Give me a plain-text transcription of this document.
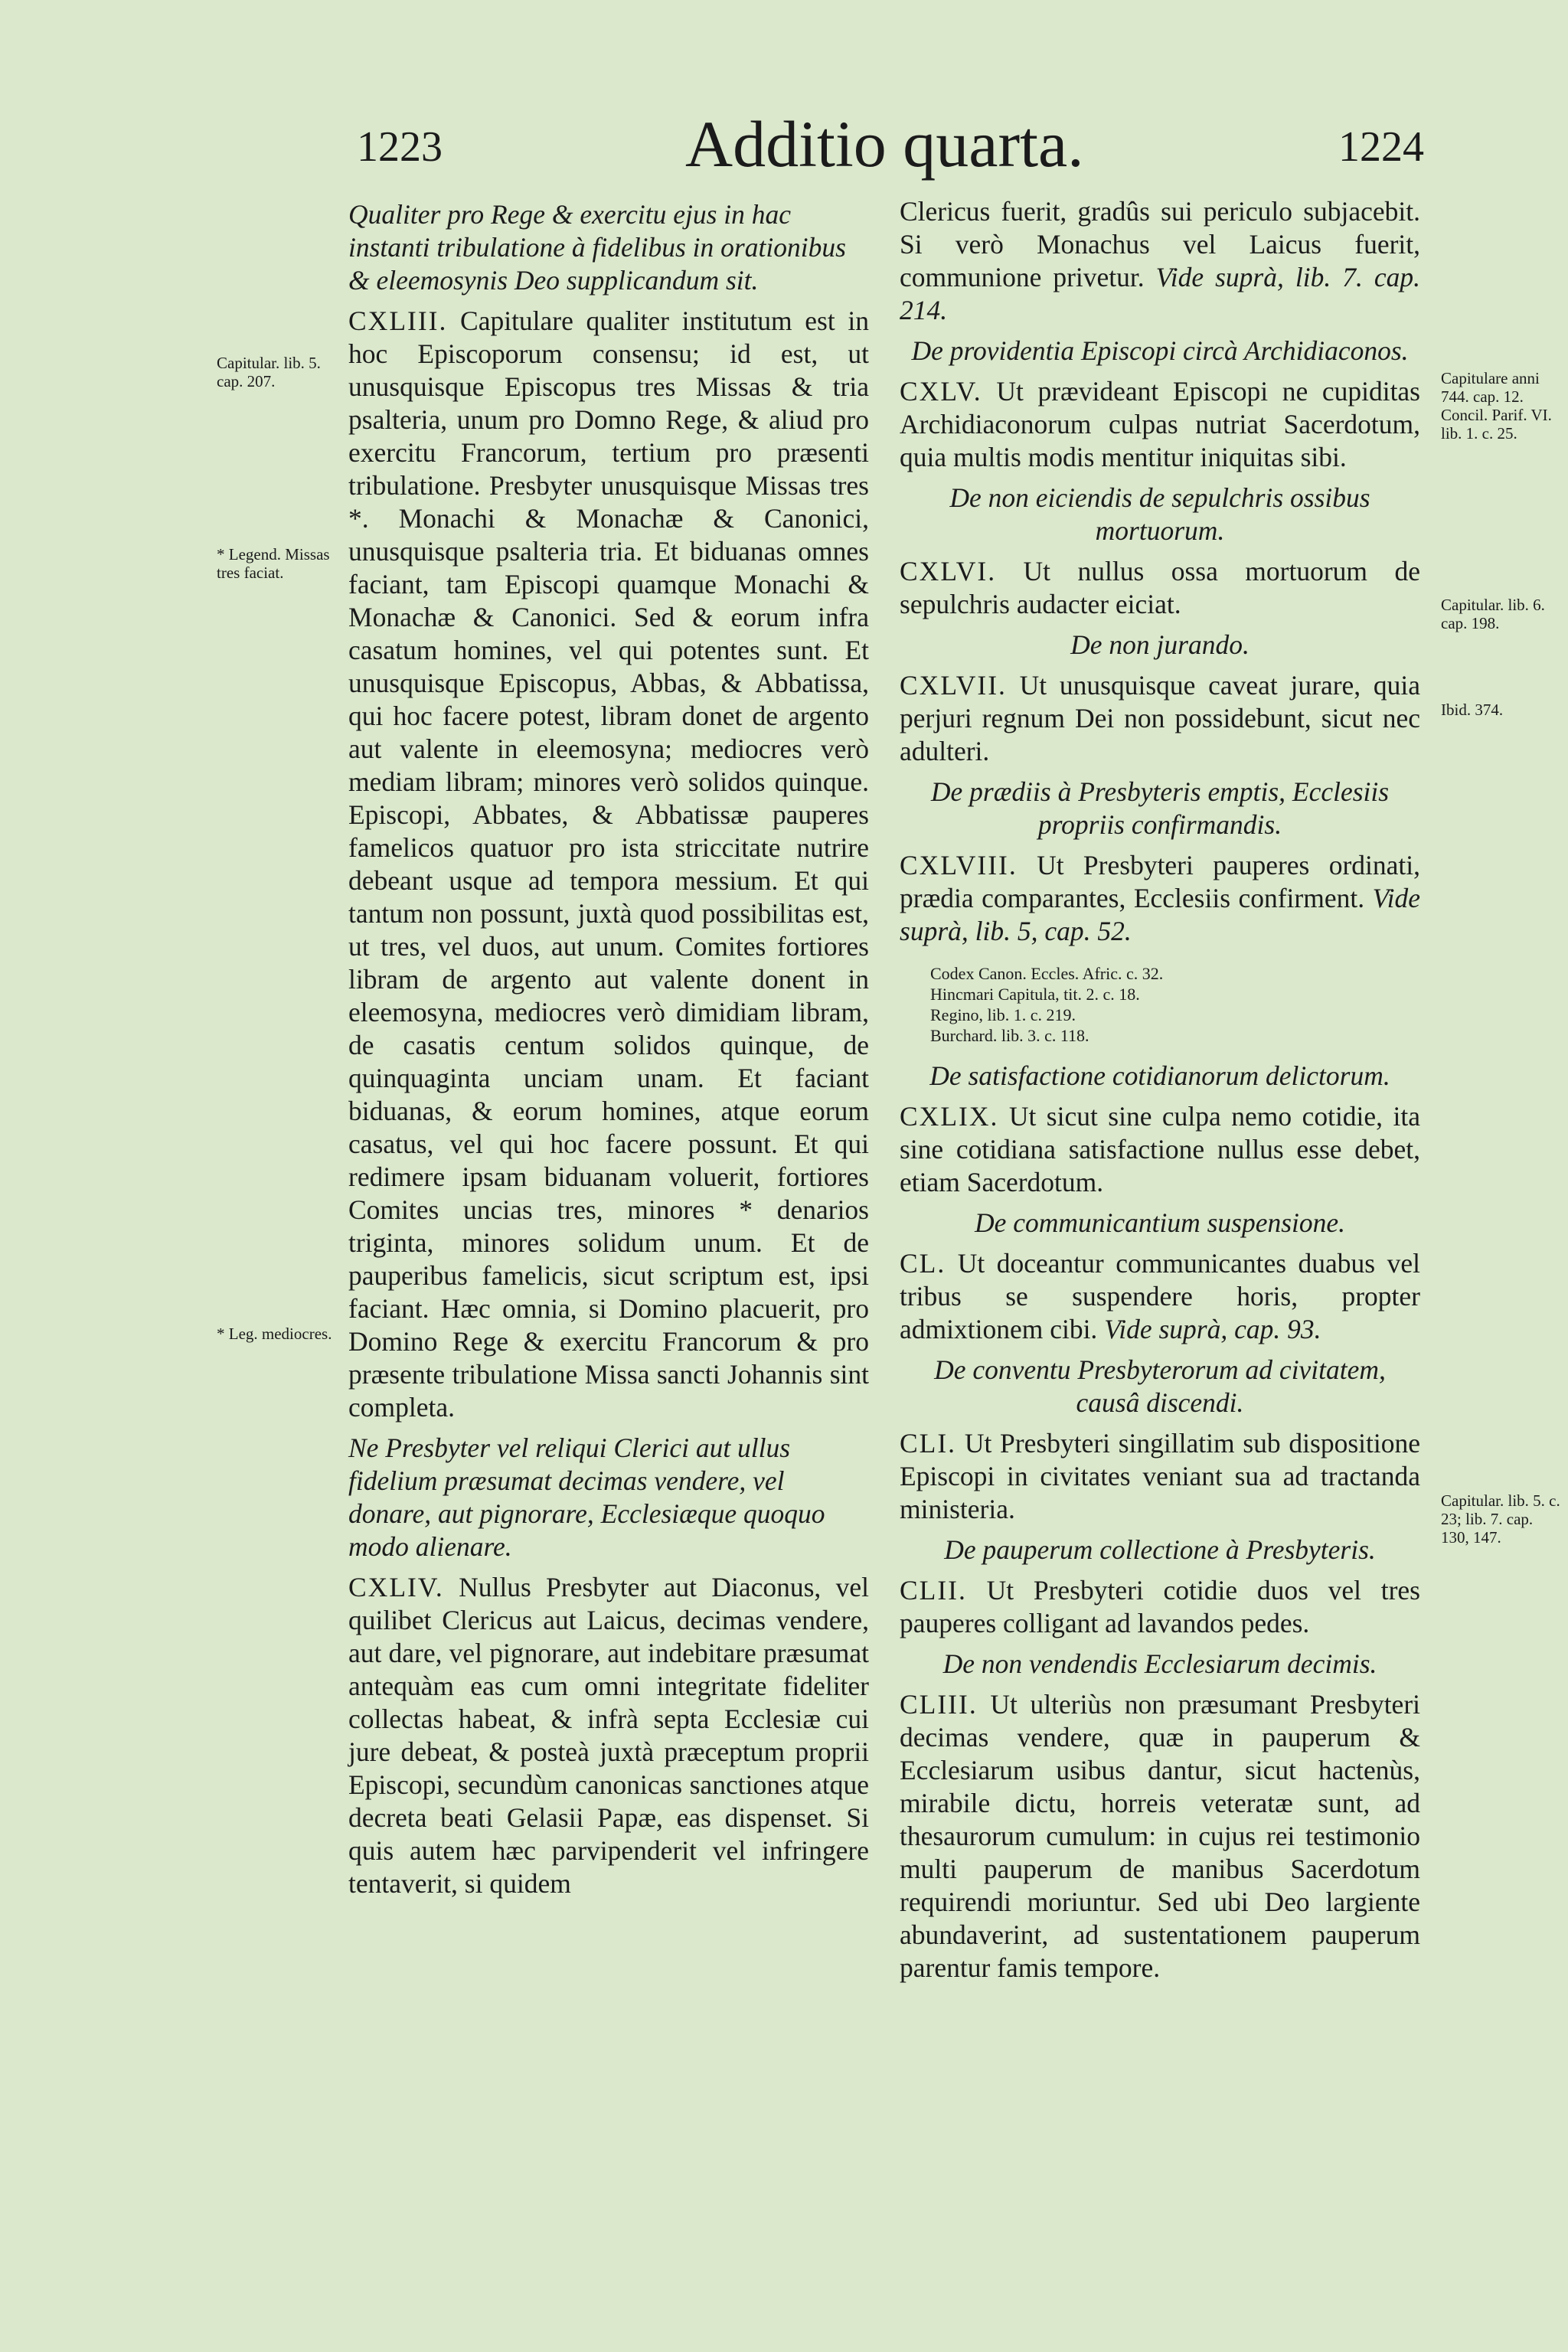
1223	Additio quarta.	1224
Capitular. lib. 5. cap. 207.
* Legend. Missas tres faciat.
* Leg. mediocres.
Capitulare anni 744. cap. 12. Concil. Parif. VI. lib. 1. c. 25.
Capitular. lib. 6. cap. 198.
Ibid. 374.
Capitular. lib. 5. c. 23; lib. 7. cap. 130, 147.
Qualiter pro Rege & exercitu ejus in hac instanti tribulatione à fidelibus in orationibus & eleemosynis Deo supplicandum sit.

CXLIII. Capitulare qualiter institutum est in hoc Episcoporum consensu; id est, ut unusquisque Episcopus tres Missas & tria psalteria, unum pro Domno Rege, & aliud pro exercitu Francorum, tertium pro præsenti tribulatione. Presbyter unusquisque Missas tres *. Monachi & Monachæ & Canonici, unusquisque psalteria tria. Et biduanas omnes faciant, tam Episcopi quamque Monachi & Monachæ & Canonici. Sed & eorum infra casatum homines, vel qui potentes sunt. Et unusquisque Episcopus, Abbas, & Abbatissa, qui hoc facere potest, libram donet de argento aut valente in eleemosyna; mediocres verò mediam libram; minores verò solidos quinque. Episcopi, Abbates, & Abbatissæ pauperes famelicos quatuor pro ista striccitate nutrire debeant usque ad tempora messium. Et qui tantum non possunt, juxtà quod possibilitas est, ut tres, vel duos, aut unum. Comites fortiores libram de argento aut valente donent in eleemosyna, mediocres verò dimidiam libram, de casatis centum solidos quinque, de quinquaginta unciam unam. Et faciant biduanas, & eorum homines, atque eorum casatus, vel qui hoc facere possunt. Et qui redimere ipsam biduanam voluerit, fortiores Comites uncias tres, minores * denarios triginta, minores solidum unum. Et de pauperibus famelicis, sicut scriptum est, ipsi faciant. Hæc omnia, si Domino placuerit, pro Domino Rege & exercitu Francorum & pro præsente tribulatione Missa sancti Johannis sint completa.

Ne Presbyter vel reliqui Clerici aut ullus fidelium præsumat decimas vendere, vel donare, aut pignorare, Ecclesiæque quoquo modo alienare.

CXLIV. Nullus Presbyter aut Diaconus, vel quilibet Clericus aut Laicus, decimas vendere, aut dare, vel pignorare, aut indebitare præsumat antequàm eas cum omni integritate fideliter collectas habeat, & infrà septa Ecclesiæ cui jure debeat, & posteà juxtà præceptum proprii Episcopi, secundùm canonicas sanctiones atque decreta beati Gelasii Papæ, eas dispenset. Si quis autem hæc parvipenderit vel infringere tentaverit, si quidem

Clericus fuerit, gradûs sui periculo subjacebit. Si verò Monachus vel Laicus fuerit, communione privetur. Vide suprà, lib. 7. cap. 214.

De providentia Episcopi circà Archidiaconos.

CXLV. Ut prævideant Episcopi ne cupiditas Archidiaconorum culpas nutriat Sacerdotum, quia multis modis mentitur iniquitas sibi.

De non eiciendis de sepulchris ossibus mortuorum.

CXLVI. Ut nullus ossa mortuorum de sepulchris audacter eiciat.

De non jurando.

CXLVII. Ut unusquisque caveat jurare, quia perjuri regnum Dei non possidebunt, sicut nec adulteri.

De prædiis à Presbyteris emptis, Ecclesiis propriis confirmandis.

CXLVIII. Ut Presbyteri pauperes ordinati, prædia comparantes, Ecclesiis confirment. Vide suprà, lib. 5, cap. 52.

Codex Canon. Eccles. Afric. c. 32.
Hincmari Capitula, tit. 2. c. 18.
Regino, lib. 1. c. 219.
Burchard. lib. 3. c. 118.
De satisfactione cotidianorum delictorum.

CXLIX. Ut sicut sine culpa nemo cotidie, ita sine cotidiana satisfactione nullus esse debet, etiam Sacerdotum.

De communicantium suspensione.

CL. Ut doceantur communicantes duabus vel tribus se suspendere horis, propter admixtionem cibi. Vide suprà, cap. 93.

De conventu Presbyterorum ad civitatem, causâ discendi.

CLI. Ut Presbyteri singillatim sub dispositione Episcopi in civitates veniant sua ad tractanda ministeria.

De pauperum collectione à Presbyteris.

CLII. Ut Presbyteri cotidie duos vel tres pauperes colligant ad lavandos pedes.

De non vendendis Ecclesiarum decimis.

CLIII. Ut ulteriùs non præsumant Presbyteri decimas vendere, quæ in pauperum & Ecclesiarum usibus dantur, sicut hactenùs, mirabile dictu, horreis veteratæ sunt, ad thesaurorum cumulum: in cujus rei testimonio multi pauperum de manibus Sacerdotum requirendi moriuntur. Sed ubi Deo largiente abundaverint, ad sustentationem pauperum parentur famis tempore.
